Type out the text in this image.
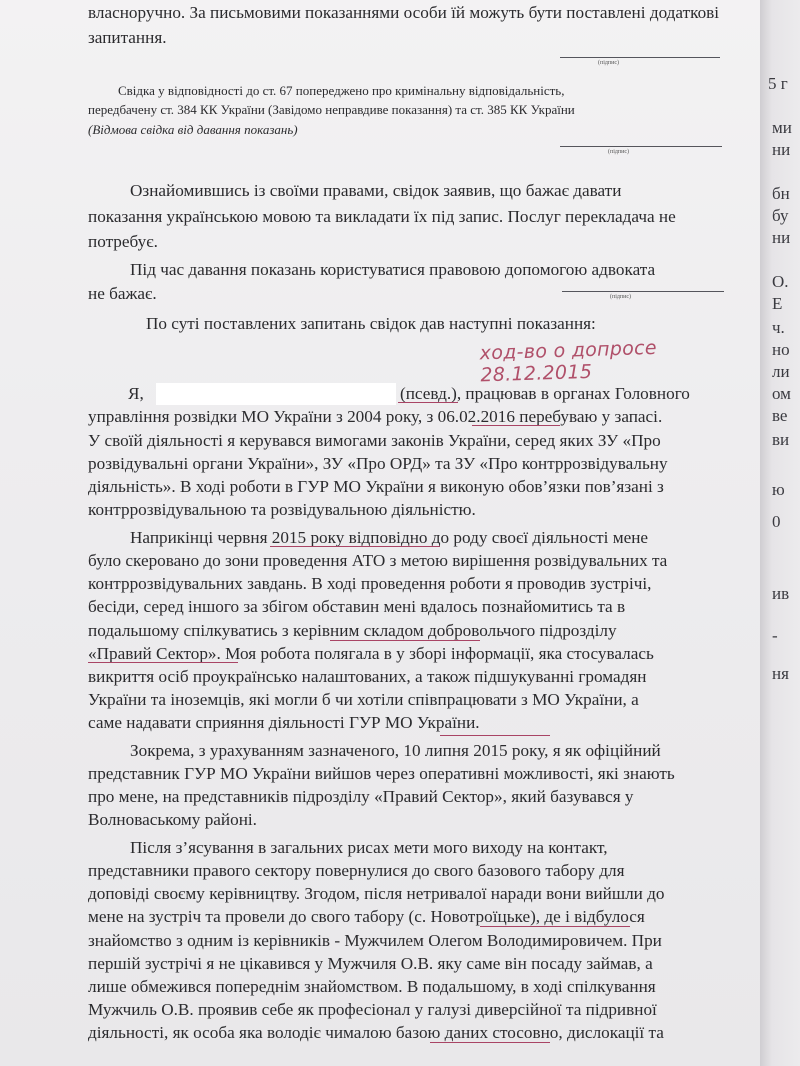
власноручно. За письмовими показаннями особи їй можуть бути поставлені додаткові
запитання.
(підпис)
Свідка у відповідності до ст. 67 попереджено про кримінальну відповідальність,
передбачену ст. 384 КК України (Завідомо неправдиве показання) та ст. 385 КК України
(Відмова свідка від давання показань)
(підпис)
Ознайомившись із своїми правами, свідок заявив, що бажає давати
показання українською мовою та викладати їх під запис. Послуг перекладача не
потребує.
Під час давання показань користуватися правовою допомогою адвоката
не бажає.	(підпис)
По суті поставлених запитань свідок дав наступні показання:
ход-во о допросе 28.12.2015
Я,	(псевд.), працював в органах Головного
управління розвідки МО України з 2004 року, з 06.02.2016 перебуваю у запасі.
У своїй діяльності я керувався вимогами законів України, серед яких ЗУ «Про
розвідувальні органи України», ЗУ «Про ОРД» та ЗУ «Про контррозвідувальну
діяльність». В ході роботи в ГУР МО України я виконую обов’язки пов’язані з
контррозвідувальною та розвідувальною діяльністю.
Наприкінці червня 2015 року відповідно до роду своєї діяльності мене
було скеровано до зони проведення АТО з метою вирішення розвідувальних та
контррозвідувальних завдань. В ході проведення роботи я проводив зустрічі,
бесіди, серед іншого за збігом обставин мені вдалось познайомитись та в
подальшому спілкуватись з керівним складом добровольчого підрозділу
«Правий Сектор». Моя робота полягала в у зборі інформації, яка стосувалась
викриття осіб проукраїнсько налаштованих, а також підшукуванні громадян
України та іноземців, які могли б чи хотіли співпрацювати з МО України, а
саме надавати сприяння діяльності ГУР МО України.
Зокрема, з урахуванням зазначеного, 10 липня 2015 року, я як офіційний
представник ГУР МО України вийшов через оперативні можливості, які знають
про мене, на представників підрозділу «Правий Сектор», який базувався у
Волноваському районі.
Після з’ясування в загальних рисах мети мого виходу на контакт,
представники правого сектору повернулися до свого базового табору для
доповіді своєму керівництву. Згодом, після нетривалої наради вони вийшли до
мене на зустріч та провели до свого табору (с. Новотроїцьке), де і відбулося
знайомство з одним із керівників - Мужчилем Олегом Володимировичем. При
першій зустрічі я не цікавився у Мужчиля О.В. яку саме він посаду займав, а
лише обмежився попереднім знайомством. В подальшому, в ході спілкування
Мужчиль О.В. проявив себе як професіонал у галузі диверсійної та підривної
діяльності, як особа яка володіє чималою базою даних стосовно, дислокації та
5 г
ми
ни
бн
бу
ни
О.
Е
ч.
но
ли
ом
ве
ви
ю
0
ив
-
ня
